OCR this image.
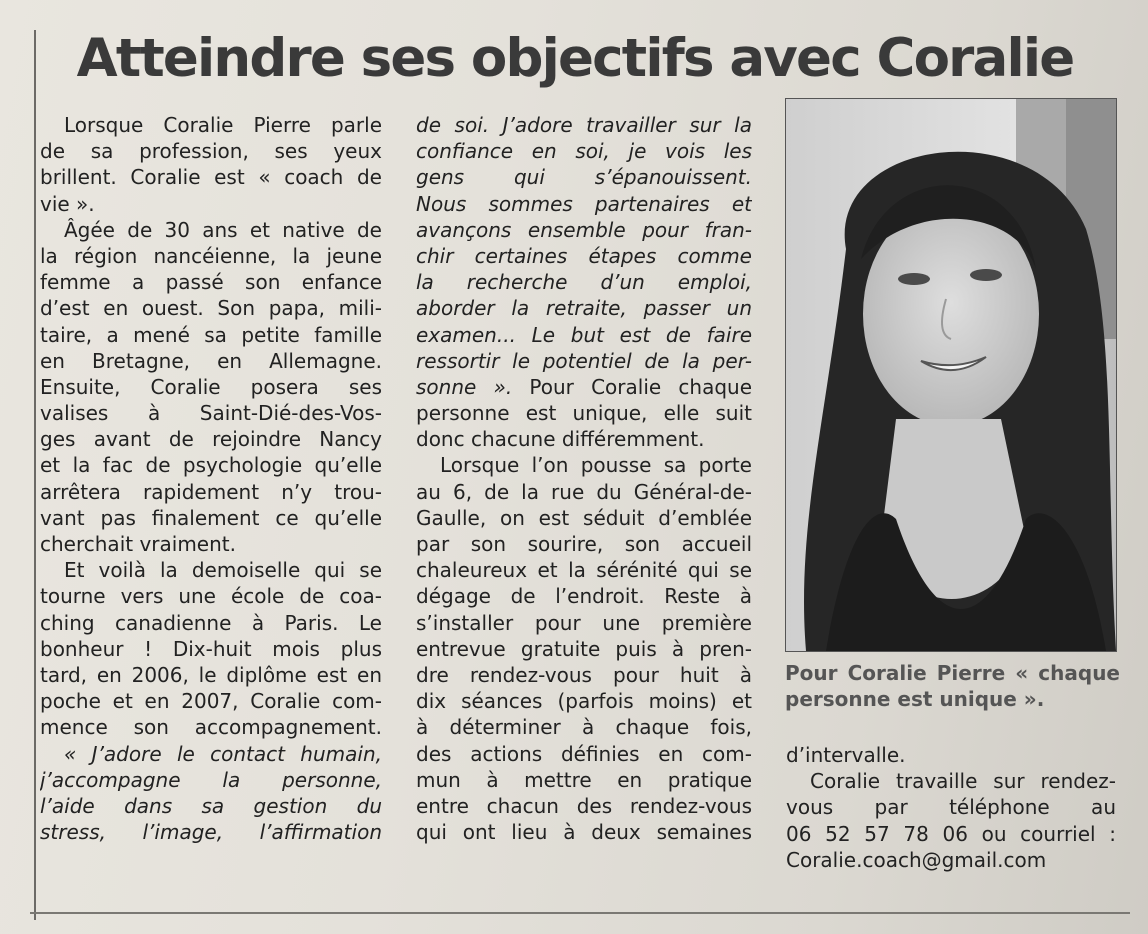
Atteindre ses objectifs avec Coralie
Lorsque Coralie Pierre parle
de sa profession, ses yeux
brillent. Coralie est « coach de
vie ».
Âgée de 30 ans et native de
la région nancéienne, la jeune
femme a passé son enfance
d’est en ouest. Son papa, mili-
taire, a mené sa petite famille
en Bretagne, en Allemagne.
Ensuite, Coralie posera ses
valises à Saint-Dié-des-Vos-
ges avant de rejoindre Nancy
et la fac de psychologie qu’elle
arrêtera rapidement n’y trou-
vant pas finalement ce qu’elle
cherchait vraiment.
Et voilà la demoiselle qui se
tourne vers une école de coa-
ching canadienne à Paris. Le
bonheur ! Dix-huit mois plus
tard, en 2006, le diplôme est en
poche et en 2007, Coralie com-
mence son accompagnement.
« J’adore le contact humain,
j’accompagne la personne,
l’aide dans sa gestion du
stress, l’image, l’affirmation
de soi. J’adore travailler sur la
confiance en soi, je vois les
gens qui s’épanouissent.
Nous sommes partenaires et
avançons ensemble pour fran-
chir certaines étapes comme
la recherche d’un emploi,
aborder la retraite, passer un
examen... Le but est de faire
ressortir le potentiel de la per-
sonne ». Pour Coralie chaque
personne est unique, elle suit
donc chacune différemment.
Lorsque l’on pousse sa porte
au 6, de la rue du Général-de-
Gaulle, on est séduit d’emblée
par son sourire, son accueil
chaleureux et la sérénité qui se
dégage de l’endroit. Reste à
s’installer pour une première
entrevue gratuite puis à pren-
dre rendez-vous pour huit à
dix séances (parfois moins) et
à déterminer à chaque fois,
des actions définies en com-
mun à mettre en pratique
entre chacun des rendez-vous
qui ont lieu à deux semaines
Pour Coralie Pierre « chaque
personne est unique ».
d’intervalle.
Coralie travaille sur rendez-
vous par téléphone au
06 52 57 78 06 ou courriel :
Coralie.coach@gmail.com
